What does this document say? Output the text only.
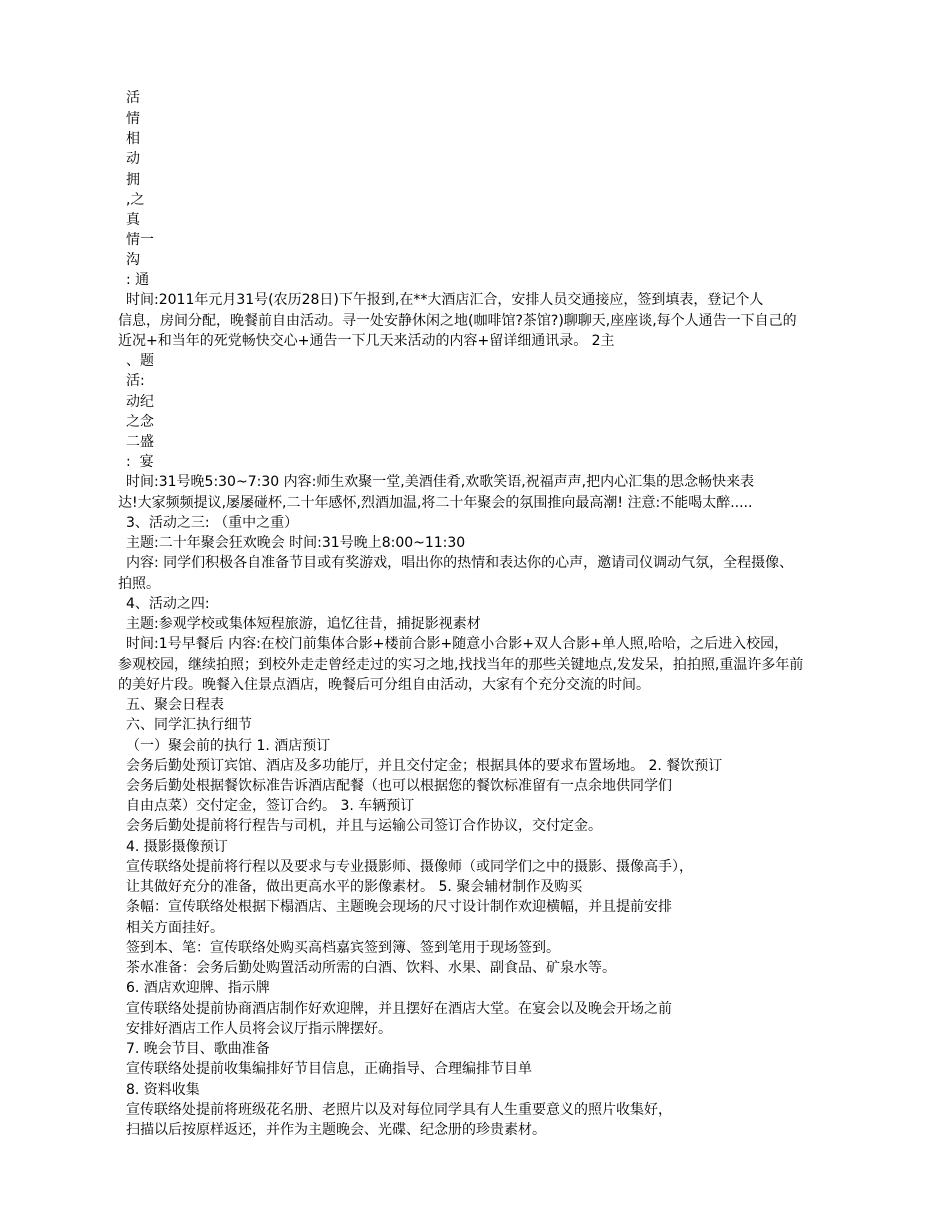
活
情
相
动
拥
,之
真
情一
沟
: 通
时间:2011年元月31号(农历28日)下午报到,在**大酒店汇合，安排人员交通接应，签到填表，登记个人
信息，房间分配，晚餐前自由活动。寻一处安静休闲之地(咖啡馆?茶馆?)聊聊天,座座谈,每个人通告一下自己的
近况+和当年的死党畅快交心+通告一下几天来活动的内容+留详细通讯录。 2主
、题
活:
动纪
之念
二盛
:  宴
时间:31号晚5:30~7:30 内容:师生欢聚一堂,美酒佳肴,欢歌笑语,祝福声声,把内心汇集的思念畅快来表
达!大家频频提议,屡屡碰杯,二十年感怀,烈酒加温,将二十年聚会的氛围推向最高潮! 注意:不能喝太醉.....
3、活动之三: （重中之重）
主题:二十年聚会狂欢晚会 时间:31号晚上8:00~11:30
内容: 同学们积极各自准备节目或有奖游戏，唱出你的热情和表达你的心声，邀请司仪调动气氛，全程摄像、
拍照。
4、活动之四:
主题:参观学校或集体短程旅游，追忆往昔，捕捉影视素材
时间:1号早餐后 内容:在校门前集体合影+楼前合影+随意小合影+双人合影+单人照,哈哈，之后进入校园，
参观校园，继续拍照；到校外走走曾经走过的实习之地,找找当年的那些关键地点,发发呆，拍拍照,重温许多年前
的美好片段。晚餐入住景点酒店，晚餐后可分组自由活动，大家有个充分交流的时间。
五、聚会日程表
六、同学汇执行细节
（一）聚会前的执行 1. 酒店预订
会务后勤处预订宾馆、酒店及多功能厅，并且交付定金；根据具体的要求布置场地。 2. 餐饮预订
会务后勤处根据餐饮标准告诉酒店配餐（也可以根据您的餐饮标准留有一点余地供同学们
自由点菜）交付定金，签订合约。 3. 车辆预订
会务后勤处提前将行程告与司机，并且与运输公司签订合作协议，交付定金。
4. 摄影摄像预订
宣传联络处提前将行程以及要求与专业摄影师、摄像师（或同学们之中的摄影、摄像高手），
让其做好充分的准备，做出更高水平的影像素材。 5. 聚会辅材制作及购买
条幅：宣传联络处根据下榻酒店、主题晚会现场的尺寸设计制作欢迎横幅，并且提前安排
相关方面挂好。
签到本、笔：宣传联络处购买高档嘉宾签到簿、签到笔用于现场签到。
茶水准备：会务后勤处购置活动所需的白酒、饮料、水果、副食品、矿泉水等。
6. 酒店欢迎牌、指示牌
宣传联络处提前协商酒店制作好欢迎牌，并且摆好在酒店大堂。在宴会以及晚会开场之前
安排好酒店工作人员将会议厅指示牌摆好。
7. 晚会节目、歌曲准备
宣传联络处提前收集编排好节目信息，正确指导、合理编排节目单
8. 资料收集
宣传联络处提前将班级花名册、老照片以及对每位同学具有人生重要意义的照片收集好，
扫描以后按原样返还，并作为主题晚会、光碟、纪念册的珍贵素材。
